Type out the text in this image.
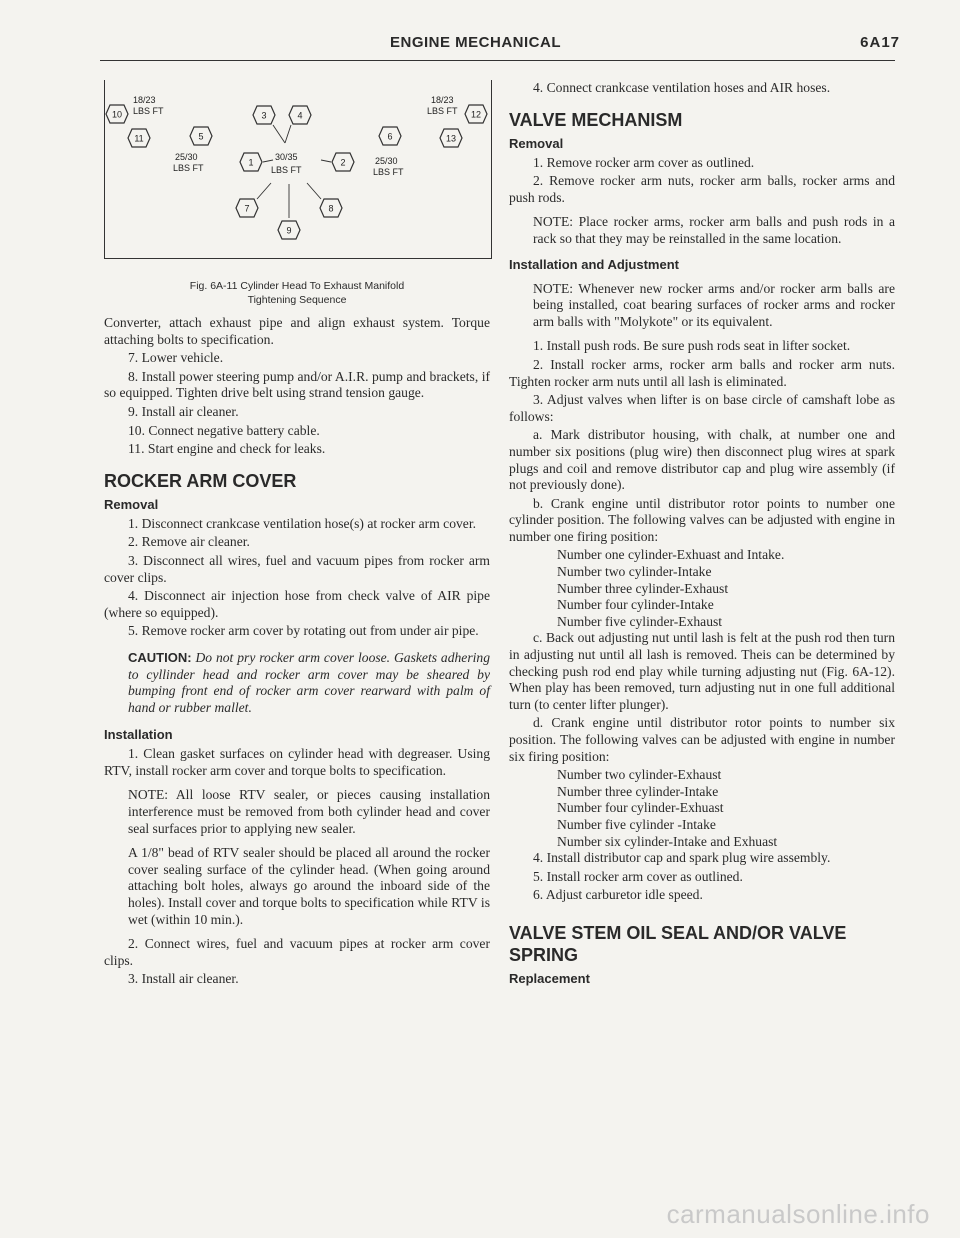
ENGINE MECHANICAL	6A17
10
11	5
3	4
1	2
7	8
9
6
12
13
18/23
LBS FT
18/23
LBS FT
25/30
LBS FT
25/30
LBS FT
30/35
LBS FT
Fig. 6A-11 Cylinder Head To Exhaust Manifold
Tightening Sequence

Converter, attach exhaust pipe and align exhaust system. Torque attaching bolts to specification.

7. Lower vehicle.

8. Install power steering pump and/or A.I.R. pump and brackets, if so equipped. Tighten drive belt using strand tension gauge.

9. Install air cleaner.

10. Connect negative battery cable.

11. Start engine and check for leaks.

ROCKER ARM COVER
Removal

1. Disconnect crankcase ventilation hose(s) at rocker arm cover.

2. Remove air cleaner.

3. Disconnect all wires, fuel and vacuum pipes from rocker arm cover clips.

4. Disconnect air injection hose from check valve of AIR pipe (where so equipped).

5. Remove rocker arm cover by rotating out from under air pipe.

CAUTION: Do not pry rocker arm cover loose. Gaskets adhering to cyllinder head and rocker arm cover may be sheared by bumping front end of rocker arm cover rearward with palm of hand or rubber mallet.
Installation

1. Clean gasket surfaces on cylinder head with degreaser. Using RTV, install rocker arm cover and torque bolts to specification.

NOTE: All loose RTV sealer, or pieces causing installation interference must be removed from both cylinder head and cover seal surfaces prior to applying new sealer.

A 1/8" bead of RTV sealer should be placed all around the rocker cover sealing surface of the cylinder head. (When going around attaching bolt holes, always go around the inboard side of the holes). Install cover and torque bolts to specification while RTV is wet (within 10 min.).

2. Connect wires, fuel and vacuum pipes at rocker arm cover clips.

3. Install air cleaner.

4. Connect crankcase ventilation hoses and AIR hoses.

VALVE MECHANISM
Removal

1. Remove rocker arm cover as outlined.

2. Remove rocker arm nuts, rocker arm balls, rocker arms and push rods.

NOTE: Place rocker arms, rocker arm balls and push rods in a rack so that they may be reinstalled in the same location.

Installation and Adjustment

NOTE: Whenever new rocker arms and/or rocker arm balls are being installed, coat bearing surfaces of rocker arms and rocker arm balls with "Molykote" or its equivalent.

1. Install push rods. Be sure push rods seat in lifter socket.

2. Install rocker arms, rocker arm balls and rocker arm nuts. Tighten rocker arm nuts until all lash is eliminated.

3. Adjust valves when lifter is on base circle of camshaft lobe as follows:

a. Mark distributor housing, with chalk, at number one and number six positions (plug wire) then disconnect plug wires at spark plugs and coil and remove distributor cap and plug wire assembly (if not previously done).

b. Crank engine until distributor rotor points to number one cylinder position. The following valves can be adjusted with engine in number one firing position:

Number one cylinder-Exhuast and Intake.

Number two cylinder-Intake

Number three cylinder-Exhaust

Number four cylinder-Intake

Number five cylinder-Exhaust

c. Back out adjusting nut until lash is felt at the push rod then turn in adjusting nut until all lash is removed. Theis can be determined by checking push rod end play while turning adjusting nut (Fig. 6A-12). When play has been removed, turn adjusting nut in one full additional turn (to center lifter plunger).

d. Crank engine until distributor rotor points to number six position. The following valves can be adjusted with engine in number six firing position:

Number two cylinder-Exhaust

Number three cylinder-Intake

Number four cylinder-Exhuast

Number five cylinder -Intake

Number six cylinder-Intake and Exhuast

4. Install distributor cap and spark plug wire assembly.

5. Install rocker arm cover as outlined.

6. Adjust carburetor idle speed.

VALVE STEM OIL SEAL AND/OR VALVE SPRING
Replacement
carmanualsonline.info
